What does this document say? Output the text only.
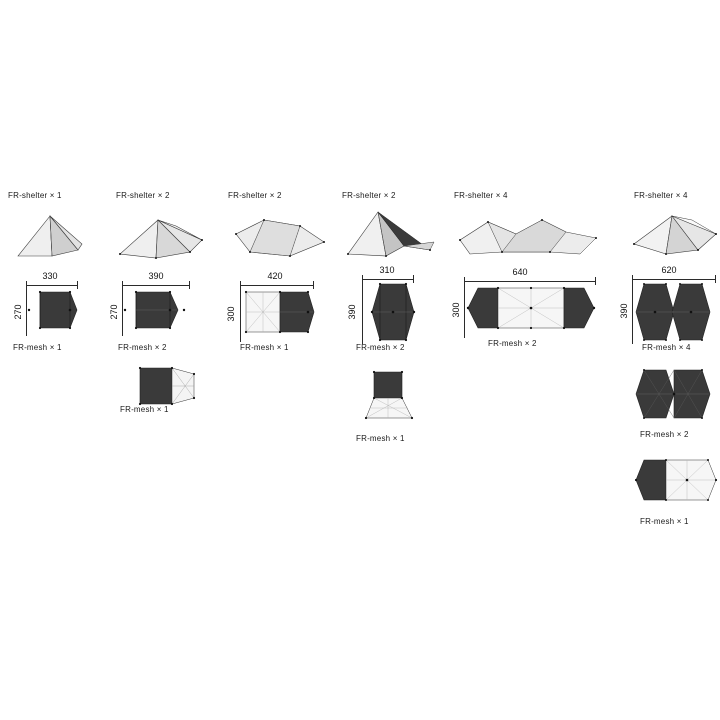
FR-shelter × 1
330
270
FR-mesh × 1
FR-shelter × 2
390
270
FR-mesh × 2
FR-mesh × 1
FR-shelter × 2
420
300
FR-mesh × 1
FR-shelter × 2
310
390
FR-mesh × 2
FR-mesh × 1
FR-shelter × 4
640
300
FR-mesh × 2
FR-shelter × 4
620
390
FR-mesh × 4
FR-mesh × 2
FR-mesh × 1
